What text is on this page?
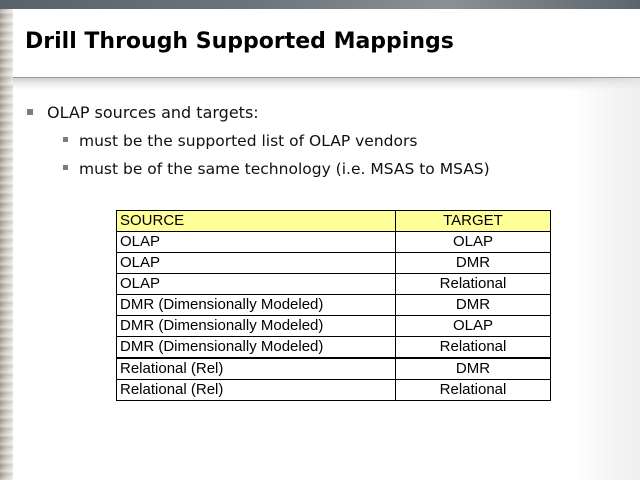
Drill Through Supported Mappings
OLAP sources and targets:
must be the supported list of OLAP vendors
must be of the same technology (i.e. MSAS to MSAS)
SOURCE	TARGET
OLAP	OLAP
OLAP	DMR
OLAP	Relational
DMR (Dimensionally Modeled)	DMR
DMR (Dimensionally Modeled)	OLAP
DMR (Dimensionally Modeled)	Relational
Relational (Rel)	DMR
Relational (Rel)	Relational
